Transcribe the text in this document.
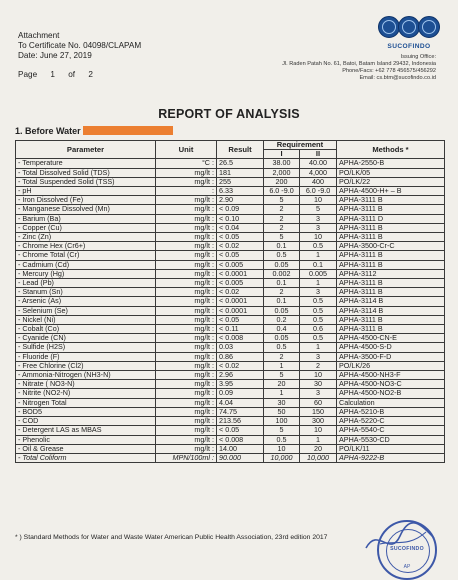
Attachment
To Certificate No. 04098/CLAPAM
Date: June 27, 2019
Page 1 of 2
SUCOFINDO
Issuing Office:
Jl. Raden Patah No. 61, Batoi, Batam Island 29432, Indonesia
Phone/Facs: +62 778 456575/456292
Email: cs.btm@sucofindo.co.id
REPORT OF ANALYSIS
1. Before Water
Parameter	Unit	Result	Requirement		Methods *
			I	II	
- Temperature	°C :	26.5	38.00	40.00	APHA-2550-B
- Total Dissolved Solid (TDS)	mg/lt :	181	2,000	4,000	PO/LK/05
- Total Suspended Solid (TSS)	mg/lt :	255	200	400	PO/LK/22
- pH	:	6.33	6.0 -9.0	6.0 -9.0	APHA-4500-H+ – B
- Iron Dissolved (Fe)	mg/lt :	2.90	5	10	APHA-3111 B
- Manganese Dissolved (Mn)	mg/lt :	< 0.09	2	5	APHA-3111 B
- Barium (Ba)	mg/lt :	< 0.10	2	3	APHA-3111 D
- Copper (Cu)	mg/lt :	< 0.04	2	3	APHA-3111 B
- Zinc (Zn)	mg/lt :	< 0.05	5	10	APHA-3111 B
- Chrome Hex (Cr6+)	mg/lt :	< 0.02	0.1	0.5	APHA-3500-Cr-C
- Chrome Total (Cr)	mg/lt :	< 0.05	0.5	1	APHA-3111 B
- Cadmium (Cd)	mg/lt :	< 0.005	0.05	0.1	APHA-3111 B
- Mercury (Hg)	mg/lt :	< 0.0001	0.002	0.005	APHA-3112
- Lead (Pb)	mg/lt :	< 0.005	0.1	1	APHA-3111 B
- Stanum (Sn)	mg/lt :	< 0.02	2	3	APHA-3111 B
- Arsenic (As)	mg/lt :	< 0.0001	0.1	0.5	APHA-3114 B
- Selenium (Se)	mg/lt :	< 0.0001	0.05	0.5	APHA-3114 B
- Nickel (Ni)	mg/lt :	< 0.05	0.2	0.5	APHA-3111 B
- Cobalt (Co)	mg/lt :	< 0.11	0.4	0.6	APHA-3111 B
- Cyanide (CN)	mg/lt :	< 0.008	0.05	0.5	APHA-4500-CN-E
- Sulfide (H2S)	mg/lt :	0.03	0.5	1	APHA-4500-S-D
- Fluoride (F)	mg/lt :	0.86	2	3	APHA-3500-F-D
- Free Chlorine (Cl2)	mg/lt :	< 0.02	1	2	PO/LK/26
- Ammonia-Nitrogen (NH3-N)	mg/lt :	2.96	5	10	APHA-4500-NH3-F
- Nitrate ( NO3-N)	mg/lt :	3.95	20	30	APHA-4500-NO3-C
- Nitrite (NO2-N)	mg/lt :	0.09	1	3	APHA-4500-NO2-B
- Nitrogen Total	mg/lt :	4.04	30	60	Calculation
- BOD5	mg/lt :	74.75	50	150	APHA-5210-B
- COD	mg/lt :	213.56	100	300	APHA-5220-C
- Detergent LAS as MBAS	mg/lt :	< 0.05	5	10	APHA-5540-C
- Phenolic	mg/lt :	< 0.008	0.5	1	APHA-5530-CD
- Oil & Grease	mg/lt :	14.00	10	20	PO/LK/11
- Total Coliform	MPN/100ml :	90.000	10,000	10,000	APHA-9222-B
* ) Standard Methods for Water and Waste Water American Public Health Association, 23rd edition 2017
SUCOFINDO
AP
